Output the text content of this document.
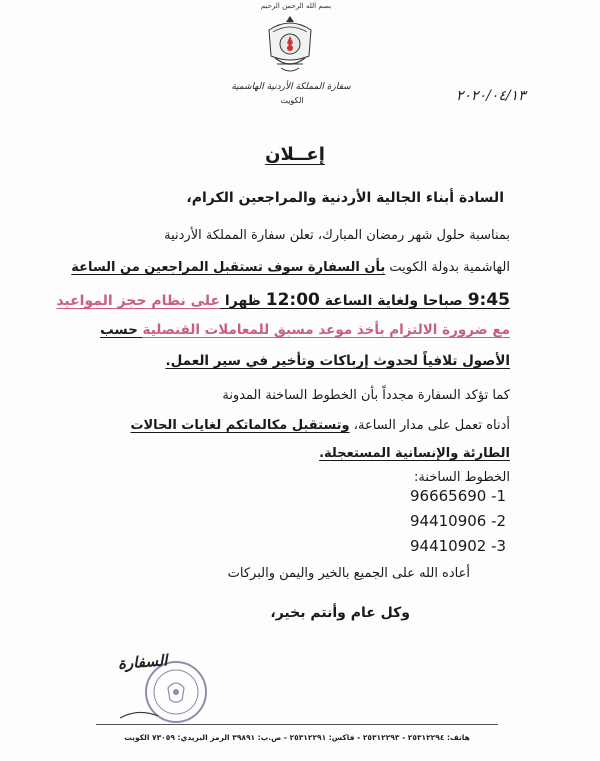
بسم الله الرحمن الرحيم
سفارة المملكة الأردنية الهاشمية
الكويت	٢٠٢٠/٠٤/١٣
إعــلان
السادة أبناء الجالية الأردنية والمراجعين الكرام،
بمناسبة حلول شهر رمضان المبارك، تعلن سفارة المملكة الأردنية
الهاشمية بدولة الكويت بأن السفارة سوف تستقبل المراجعين من الساعة
9:45 صباحا ولغاية الساعة 12:00 ظهرا على نظام حجز المواعيد
مع ضرورة الالتزام بأخذ موعد مسبق للمعاملات القنصلية حسب
الأصول تلافياً لحدوث إرباكات وتأخير في سير العمل.
كما تؤكد السفارة مجدداً بأن الخطوط الساخنة المدونة
أدناه تعمل على مدار الساعة، وتستقبل مكالماتكم لغايات الحالات
الطارئة والإنسانية المستعجلة.
الخطوط الساخنة:
96665690 -1
94410906 -2
94410902 -3
أعاده الله على الجميع بالخير واليمن والبركات
وكل عام وأنتم بخير،
السفارة
هاتف: ٢٥٣١٢٢٩٤ - ٢٥٣١٢٢٩٣ - فاكس: ٢٥٣١٢٢٩١ - ص.ب: ٣٩٨٩١ الرمز البريدي: ٧٣٠٥٩ الكويت
